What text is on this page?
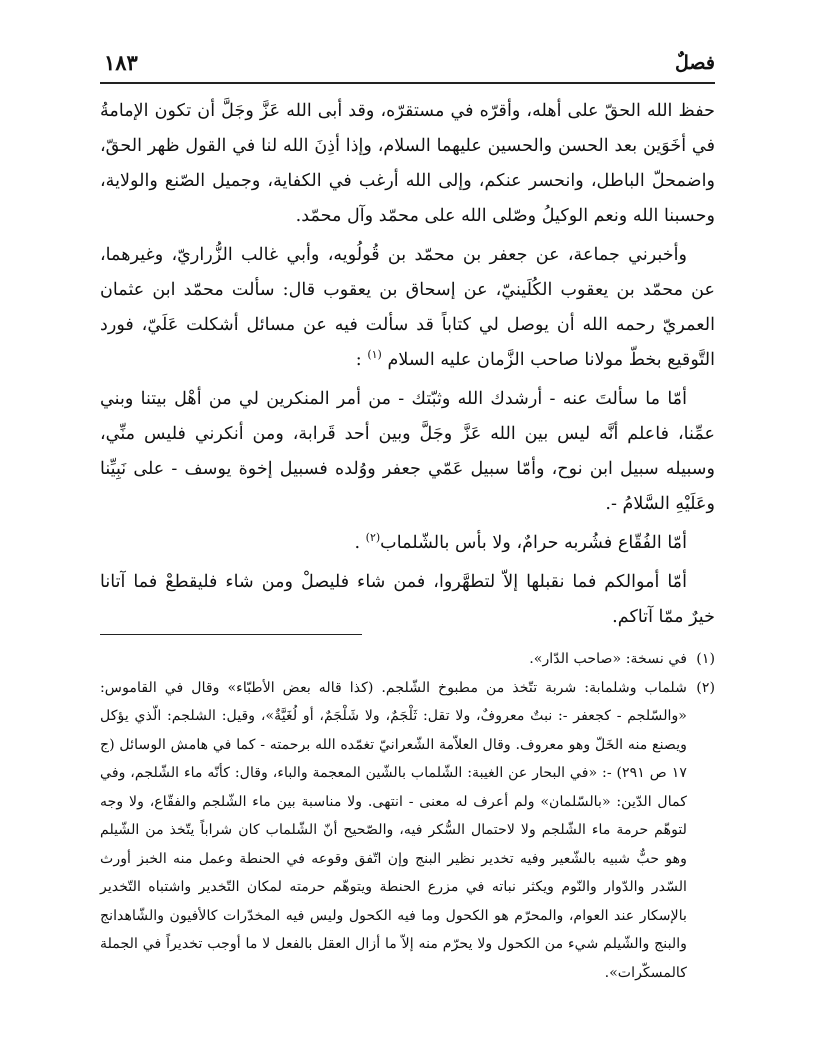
فصلٌ
١٨٣

حفظ الله الحقّ على أهله، وأقرّه في مستقرّه، وقد أبى الله عَزَّ وجَلَّ أن تكون الإمامةُ في أخَوَين بعد الحسن والحسين عليهما السلام، وإذا أذِنَ الله لنا في القول ظهر الحقّ، واضمحلّ الباطل، وانحسر عنكم، وإلى الله أرغب في الكفاية، وجميل الصّنع والولاية، وحسبنا الله ونعم الوكيلُ وصّلى الله على محمّد وآل محمّد.

وأخبرني جماعة، عن جعفر بن محمّد بن قُولُويه، وأبي غالب الزُّراريّ، وغيرهما، عن محمّد بن يعقوب الكُلَينيّ، عن إسحاق بن يعقوب قال: سألت محمّد ابن عثمان العمريّ رحمه الله أن يوصل لي كتاباً قد سألت فيه عن مسائل أشكلت عَلَيّ، فورد التَّوقيع بخطّ مولانا صاحب الزَّمان عليه السلام $^{(١)}$ :

أمّا ما سألتَ عنه - أرشدك الله وثبّتك - من أمر المنكرين لي من أهْل بيتنا وبني عمِّنا، فاعلم أنَّه ليس بين الله عَزَّ وجَلَّ وبين أحد قَرابة، ومن أنكرني فليس منِّي، وسبيله سبيل ابن نوح، وأمّا سبيل عَمّي جعفر ووُلده فسبيل إخوة يوسف - على نَبِيِّنا وعَلَيْهِ السَّلامُ -.

أمّا الفُقّاع فشُربه حرامٌ، ولا بأس بالشّلماب$^{(٢)}$ .

أمّا أموالكم فما نقبلها إلاّ لتطهَّروا، فمن شاء فليصلْ ومن شاء فليقطعْ فما آتانا خيرٌ ممّا آتاكم.

(١)
في نسخة: «صاحب الدّار».
(٢)
شلماب وشلمابة: شربة تتّخذ من مطبوخ الشّلجم. (كذا قاله بعض الأطبّاء» وقال في القاموس: «والسّلجم - كجعفر -: نبتٌ معروفٌ، ولا تقل: ثَلْجَمٌ، ولا شَلْجَمٌ، أو لُغَيَّةٌ»، وقيل: الشلجم: الّذي يؤكل ويصنع منه الخَلّ وهو معروف. وقال العلاّمة الشّعرانيّ تغمّده الله برحمته - كما في هامش الوسائل (ج ١٧ ص ٢٩١) -: «في البحار عن الغيبة: الشّلماب بالشّين المعجمة والباء، وقال: كأنّه ماء الشّلجم، وفي كمال الدّين: «بالسّلمان» ولم أعرف له معنى - انتهى. ولا مناسبة بين ماء الشّلجم والفقّاع، ولا وجه لتوهّم حرمة ماء الشّلجم ولا لاحتمال السُّكر فيه، والصّحيح أنّ الشّلماب كان شراباً يتّخذ من الشّيلم وهو حبٌّ شبيه بالشّعير وفيه تخدير نظير البنج وإن اتّفق وقوعه في الحنطة وعمل منه الخبز أورث السّدر والدّوار والنّوم ويكثر نباته في مزرع الحنطة ويتوهّم حرمته لمكان التّخدير واشتباه التّخدير بالإسكار عند العوام، والمحرّم هو الكحول وما فيه الكحول وليس فيه المخدّرات كالأفيون والشّاهدانج والبنج والشّيلم شيء من الكحول ولا يحرّم منه إلاّ ما أزال العقل بالفعل لا ما أوجب تخديراً في الجملة كالمسكّرات».
